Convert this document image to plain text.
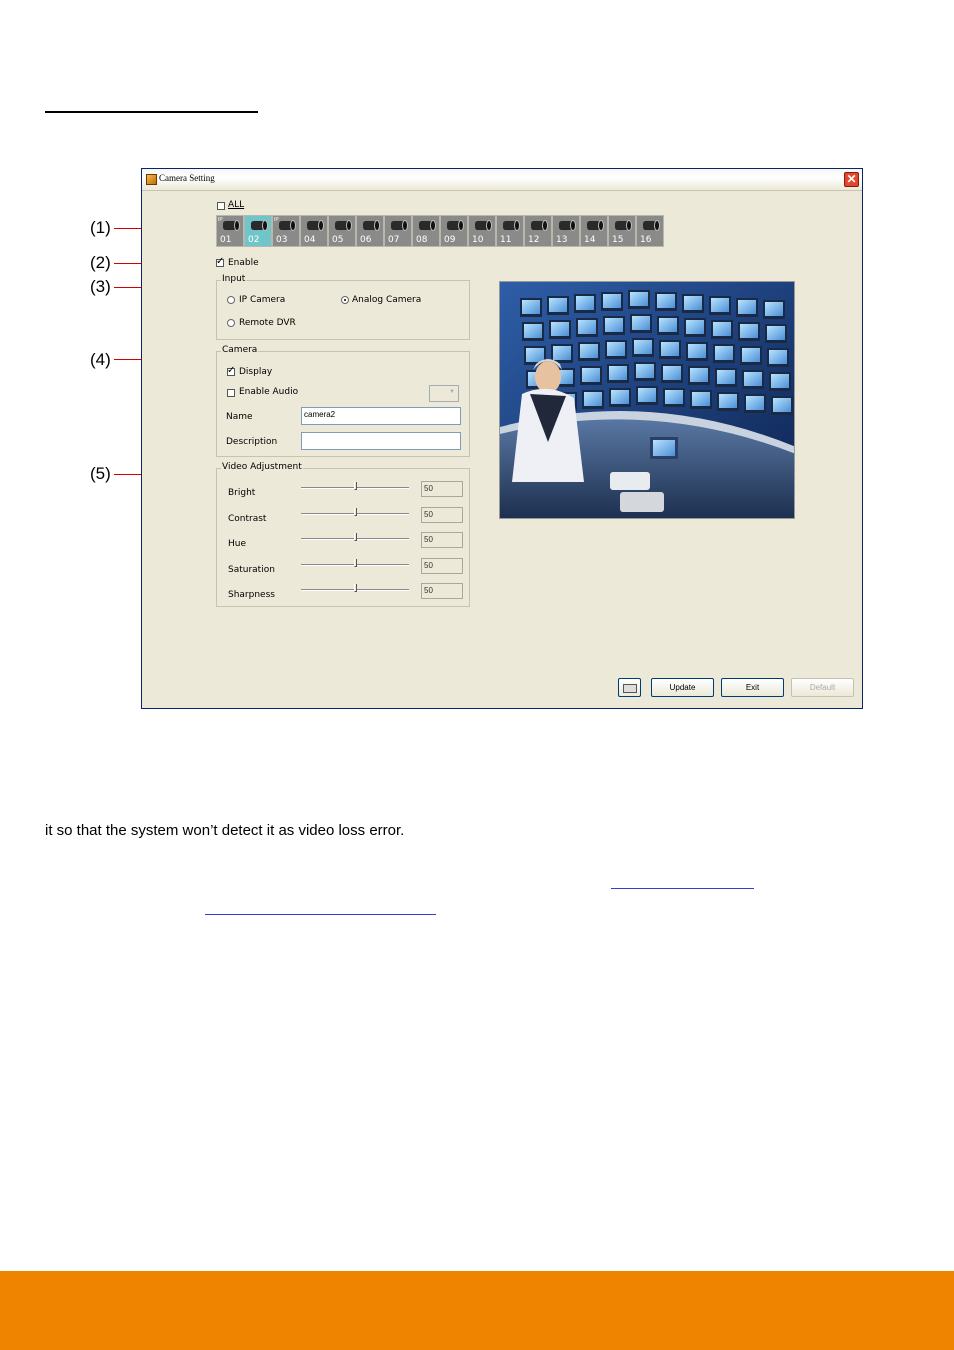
(1)
(2)
(3)
(4)
(5)
Camera Setting	✕
ALL
IP
01 02
IP
03 04 05 06 07 08 09 10 11 12 13 14 15 16
✓
Enable
Input
IP Camera	Analog Camera
Remote DVR
Camera
✓
Display
Enable Audio	▼
Name	camera2
Description
Video Adjustment
Bright	50
Contrast	50
Hue	50
Saturation	50
Sharpness	50
Update	Exit	Default
it so that the system won’t detect it as video loss error.
